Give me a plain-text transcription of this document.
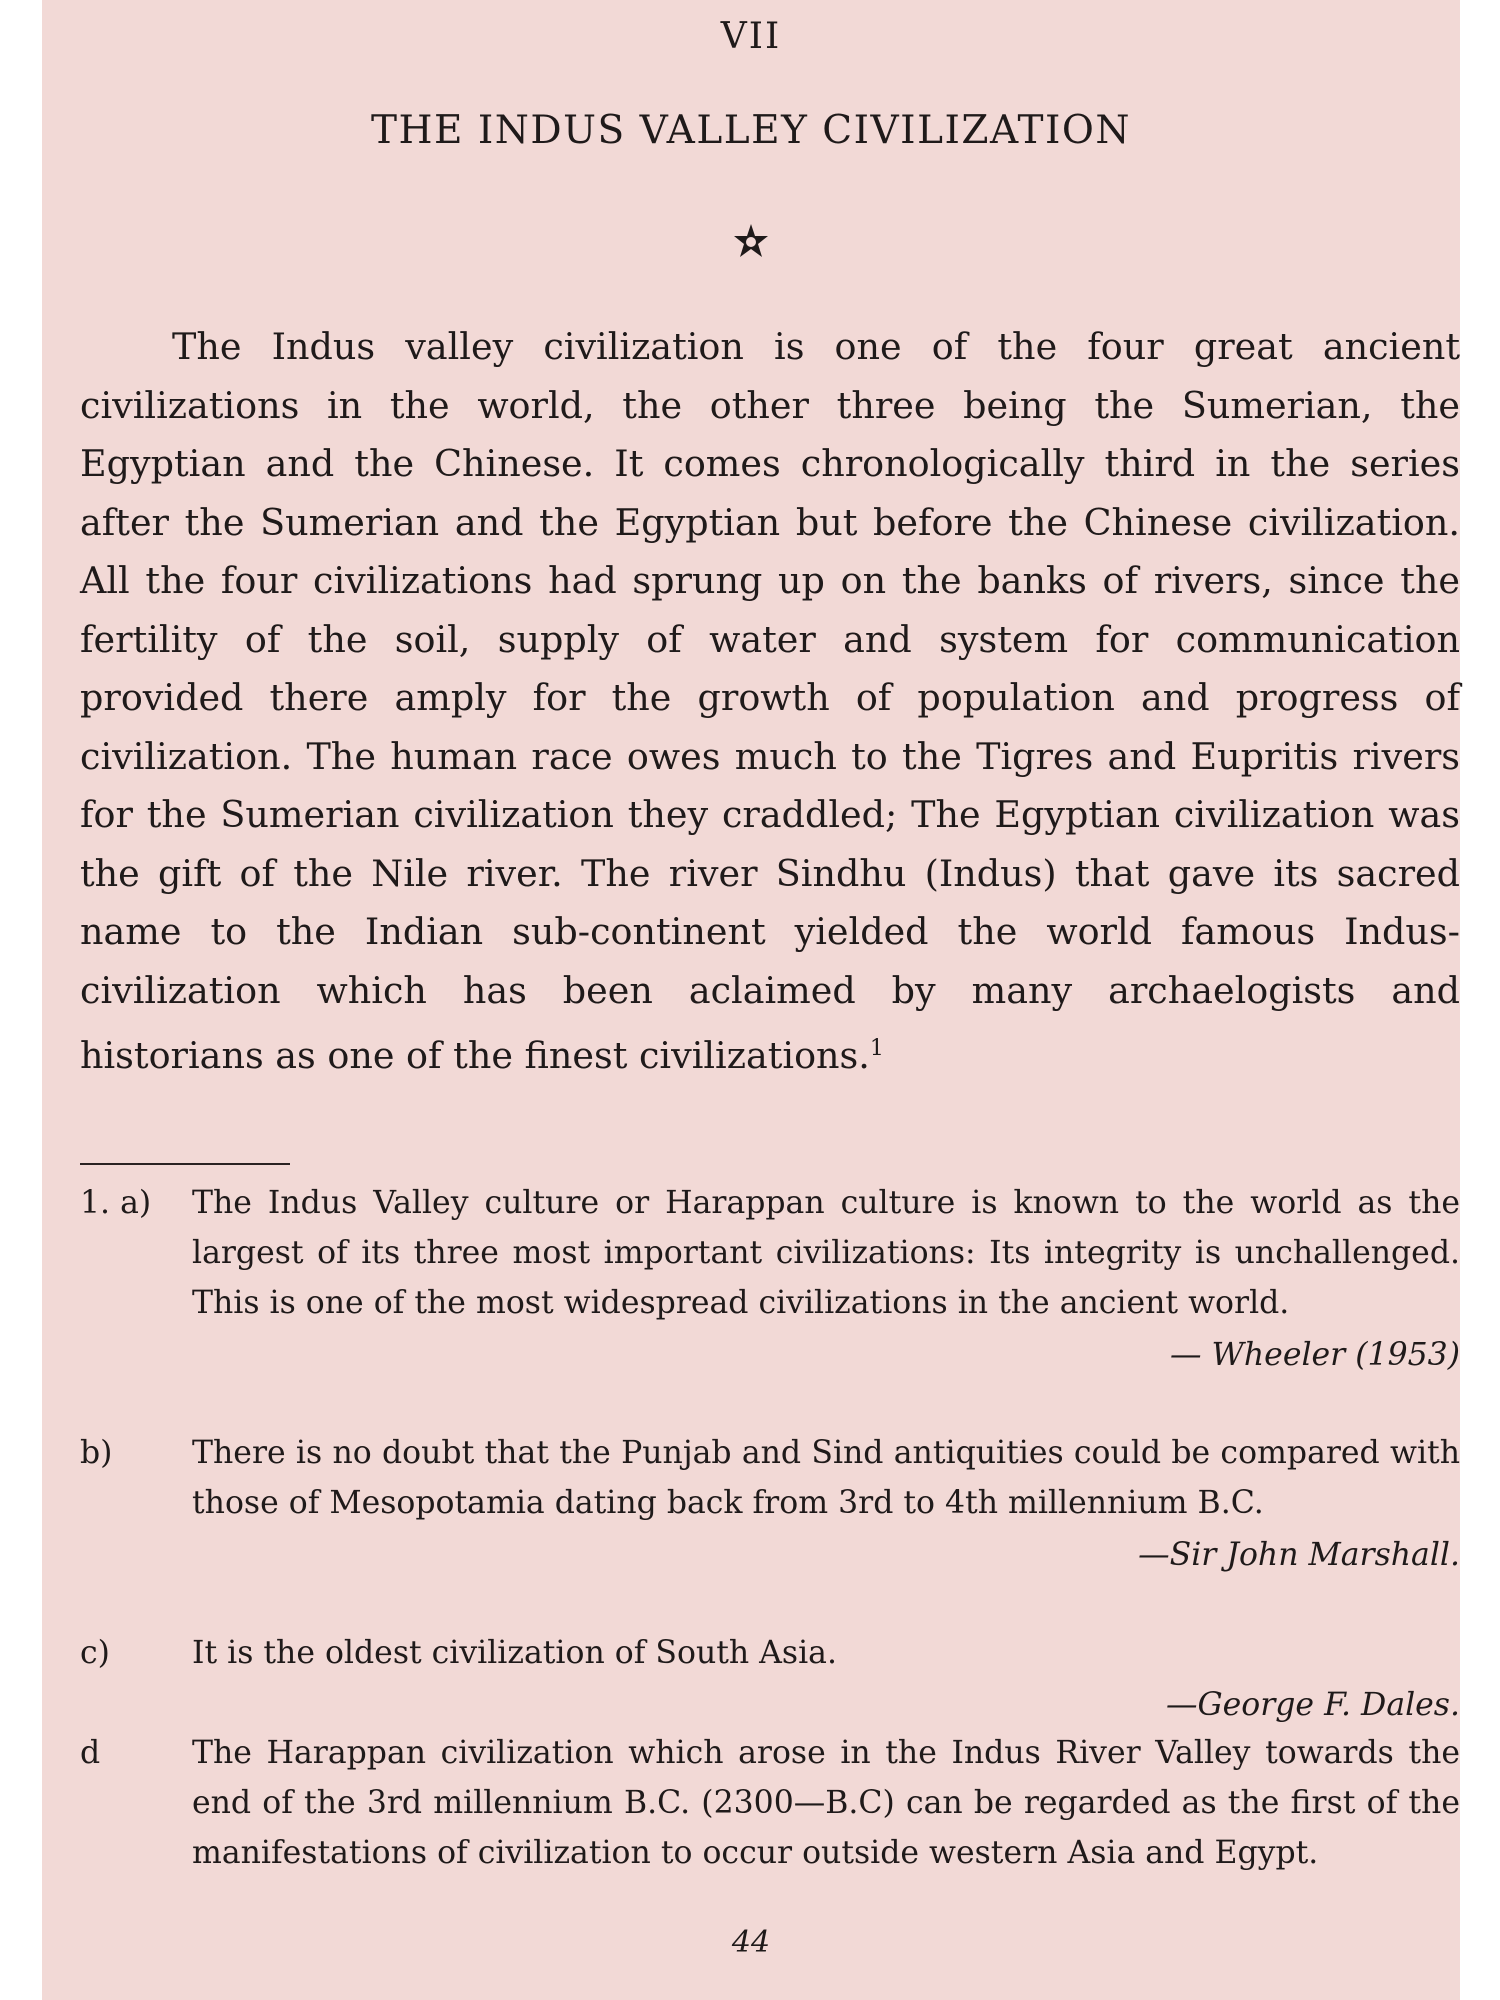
VII
THE INDUS VALLEY CIVILIZATION

The Indus valley civilization is one of the four great ancient civilizations in the world, the other three being the Sumerian, the Egyptian and the Chinese. It comes chronologically third in the series after the Sumerian and the Egyptian but before the Chinese civilization. All the four civilizations had sprung up on the banks of rivers, since the fertility of the soil, supply of water and system for communication provided there amply for the growth of population and progress of civilization. The human race owes much to the Tigres and Eupritis rivers for the Sumerian civilization they craddled; The Egyptian civilization was the gift of the Nile river. The river Sindhu (Indus) that gave its sacred name to the Indian sub-continent yielded the world famous Indus-civilization which has been aclaimed by many archaelogists and historians as one of the finest civilizations.$^1$

1. a) The Indus Valley culture or Harappan culture is known to the world as the largest of its three most important civilizations: Its integrity is unchallenged. This is one of the most widespread civilizations in the ancient world.
— Wheeler (1953)
b)	There is no doubt that the Punjab and Sind antiquities could be compared with those of Mesopotamia dating back from 3rd to 4th millennium B.C.
—Sir John Marshall.
c)	It is the oldest civilization of South Asia.
—George F. Dales.
d	The Harappan civilization which arose in the Indus River Valley towards the end of the 3rd millennium B.C. (2300—B.C) can be regarded as the first of the manifestations of civilization to occur outside western Asia and Egypt.
44
